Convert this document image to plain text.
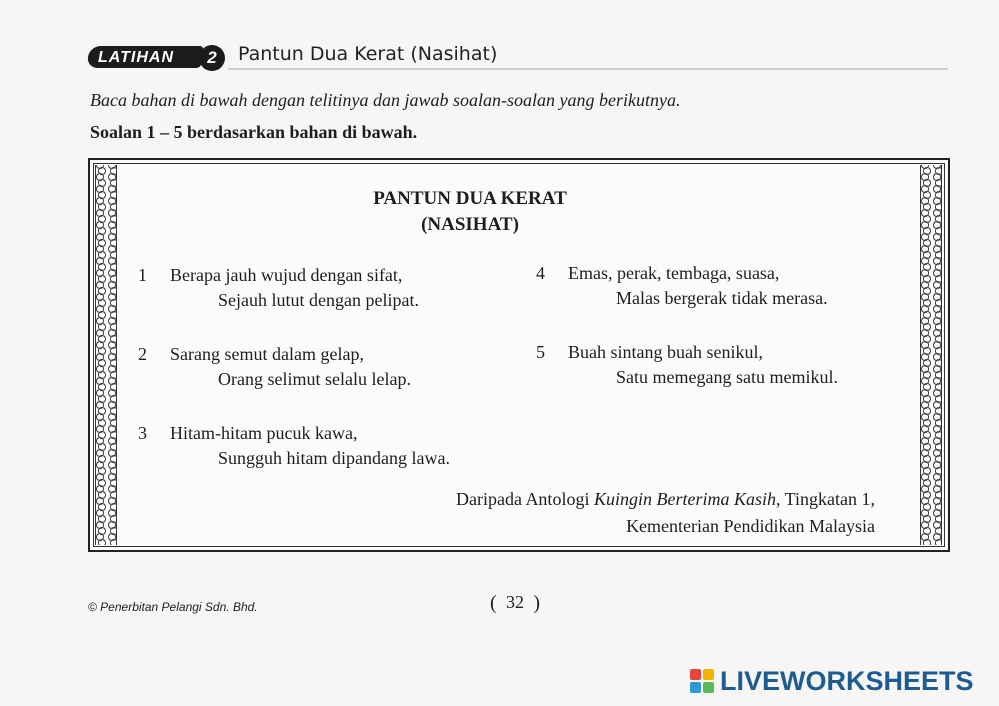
LATIHAN	2	Pantun Dua Kerat (Nasihat)
Baca bahan di bawah dengan telitinya dan jawab soalan-soalan yang berikutnya.
Soalan 1 – 5 berdasarkan bahan di bawah.
PANTUN DUA KERAT
(NASIHAT)
1 Berapa jauh wujud dengan sifat,
Sejauh lutut dengan pelipat.
2 Sarang semut dalam gelap,
Orang selimut selalu lelap.
3 Hitam-hitam pucuk kawa,
Sungguh hitam dipandang lawa.
4 Emas, perak, tembaga, suasa,
Malas bergerak tidak merasa.
5 Buah sintang buah senikul,
Satu memegang satu memikul.
Daripada Antologi Kuingin Berterima Kasih, Tingkatan 1,
Kementerian Pendidikan Malaysia
© Penerbitan Pelangi Sdn. Bhd.
(	32 )
LIVEWORKSHEETS
